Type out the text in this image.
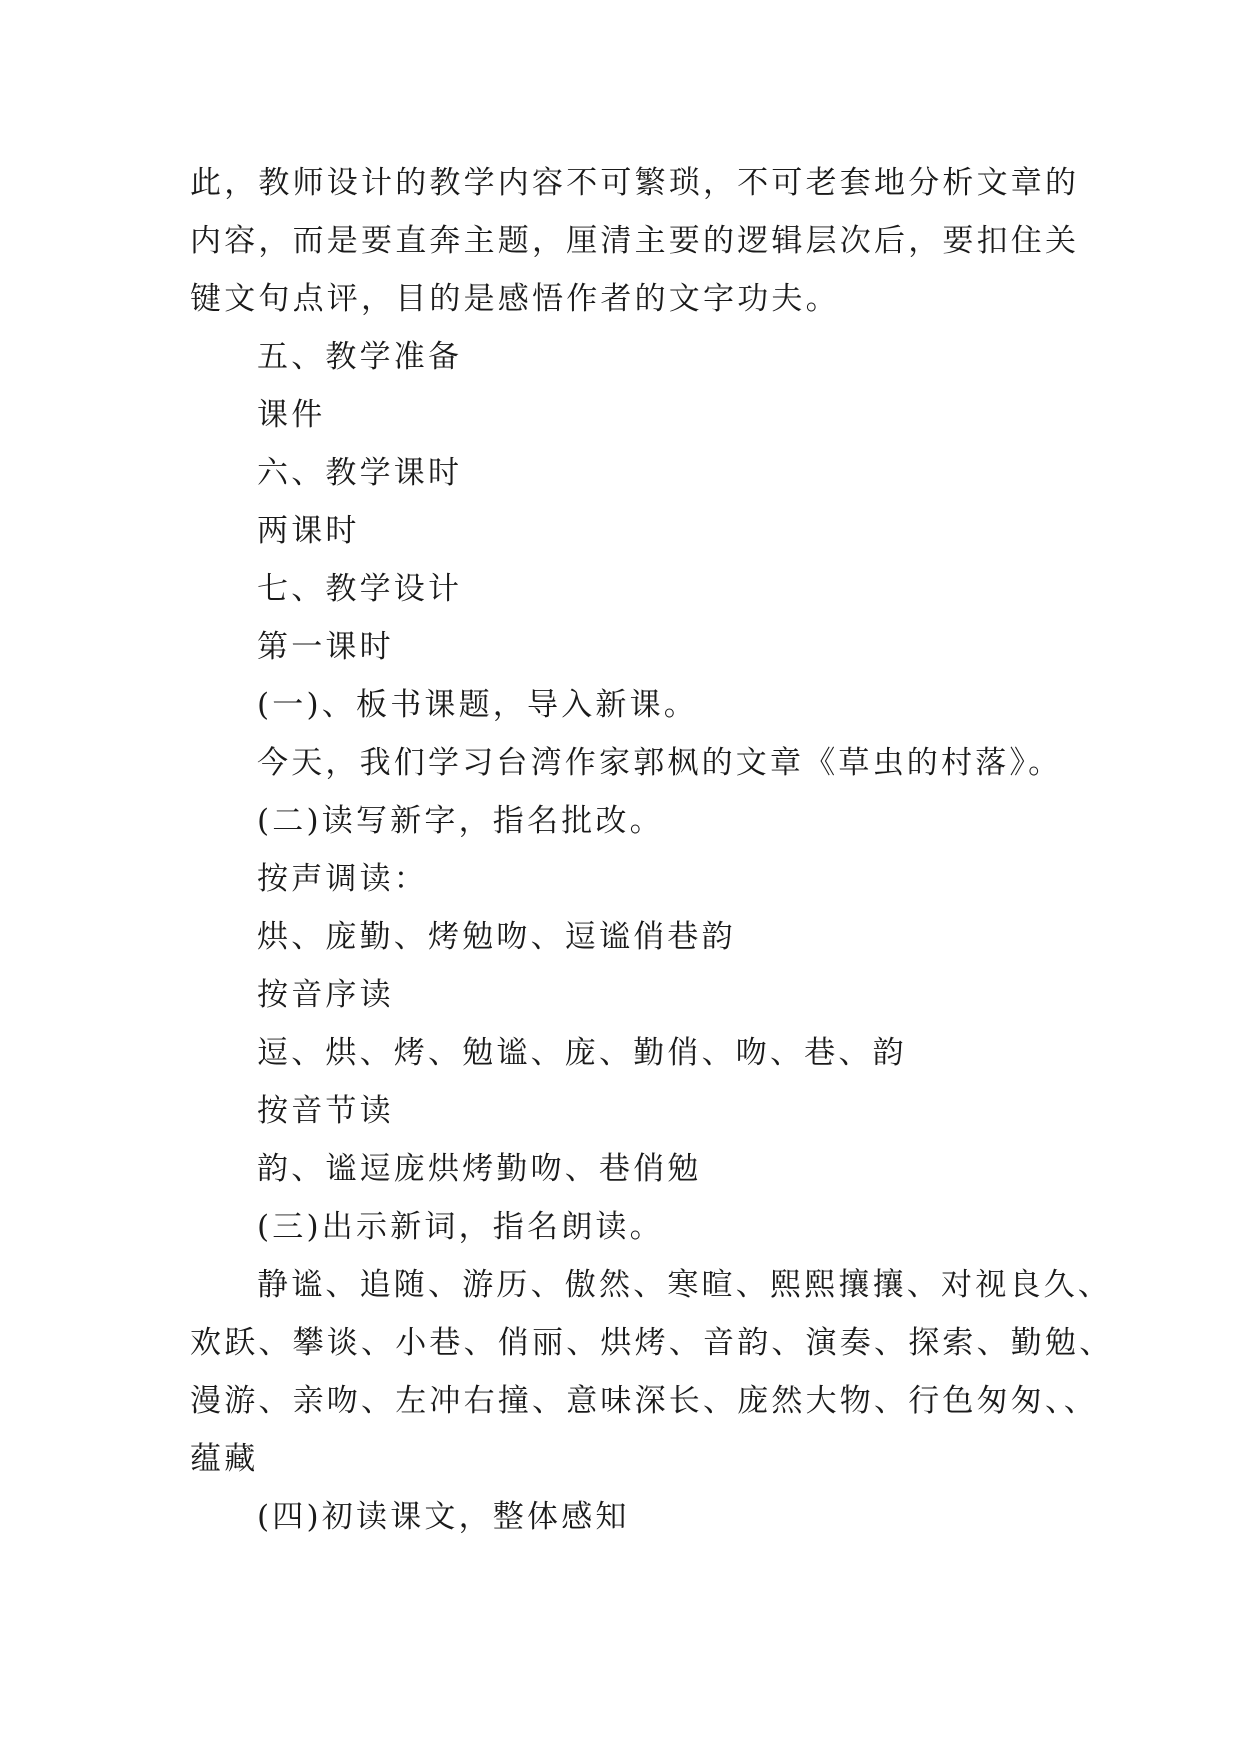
此，教师设计的教学内容不可繁琐，不可老套地分析文章的
内容，而是要直奔主题，厘清主要的逻辑层次后，要扣住关
键文句点评，目的是感悟作者的文字功夫。
五、教学准备
课件
六、教学课时
两课时
七、教学设计
第一课时
(一)、板书课题，导入新课。
今天，我们学习台湾作家郭枫的文章《草虫的村落》。
(二)读写新字，指名批改。
按声调读：
烘、庞勤、烤勉吻、逗谧俏巷韵
按音序读
逗、烘、烤、勉谧、庞、勤俏、吻、巷、韵
按音节读
韵、谧逗庞烘烤勤吻、巷俏勉
(三)出示新词，指名朗读。
静谧、追随、游历、傲然、寒暄、熙熙攘攘、对视良久、
欢跃、攀谈、小巷、俏丽、烘烤、音韵、演奏、探索、勤勉、
漫游、亲吻、左冲右撞、意味深长、庞然大物、行色匆匆、、
蕴藏
(四)初读课文，整体感知
